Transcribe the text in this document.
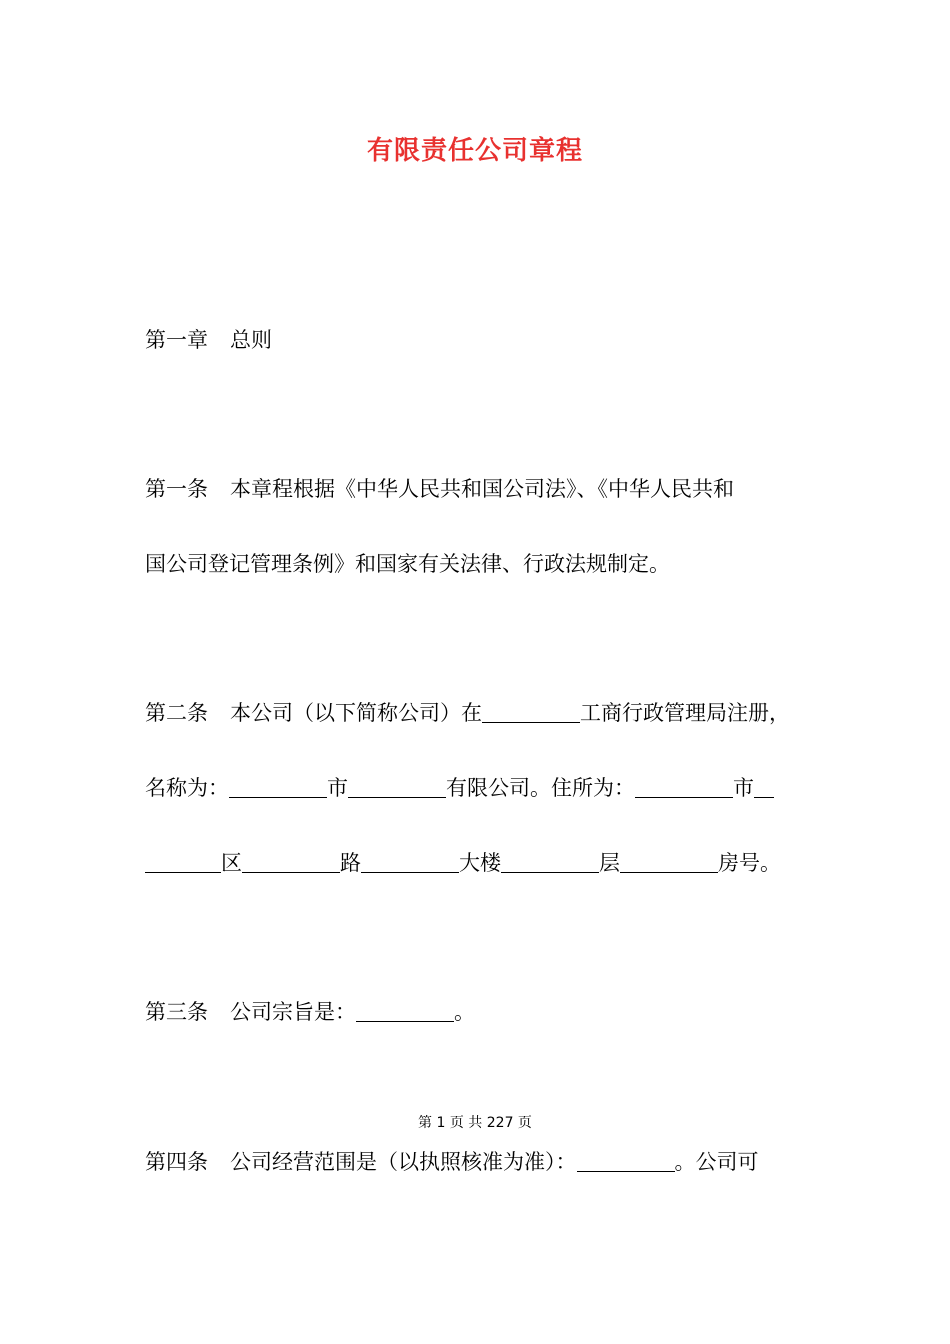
有限责任公司章程
第一章 总则
第一条 本章程根据《中华人民共和国公司法》、《中华人民共和
国公司登记管理条例》和国家有关法律、行政法规制定。
第二条 本公司（以下简称公司）在	工商行政管理局注册，
名称为：	市	有限公司。住所为：	市
区	路	大楼	层	房号。
第三条 公司宗旨是：	。
第 1 页 共 227 页
第四条 公司经营范围是（以执照核准为准）：	。公司可
